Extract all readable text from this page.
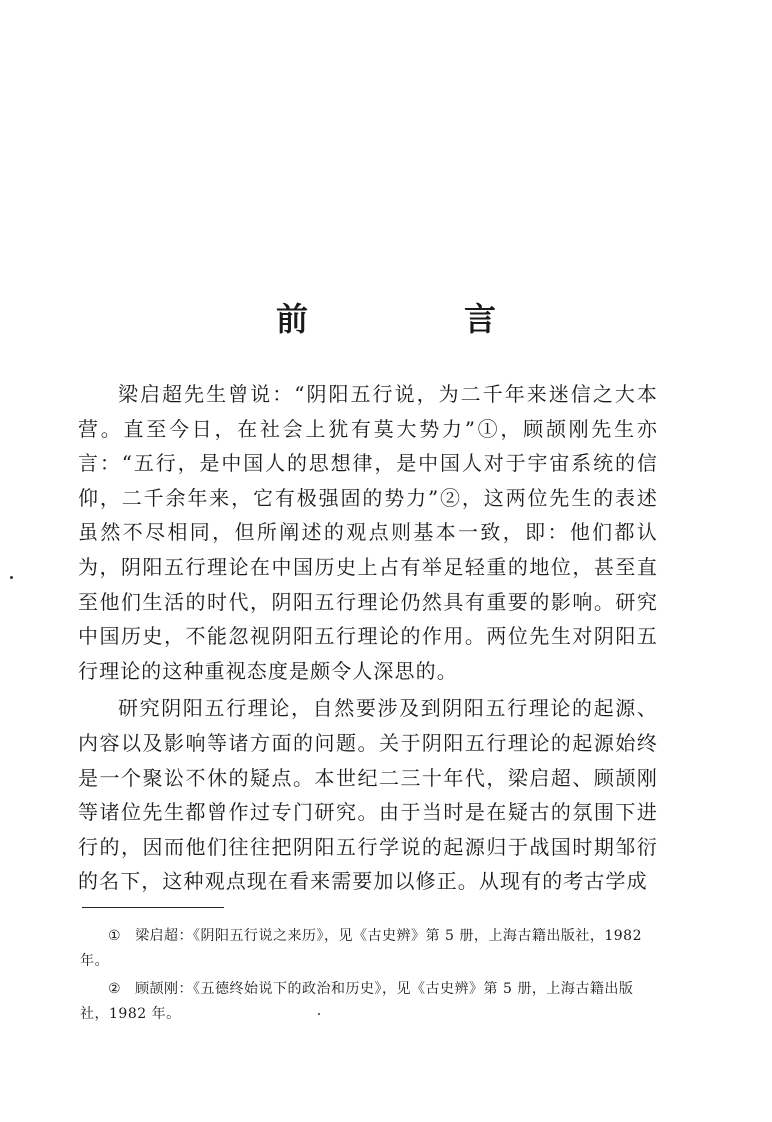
前　言

梁启超先生曾说：“阴阳五行说，为二千年来迷信之大本营。直至今日，在社会上犹有莫大势力”①，顾颉刚先生亦言：“五行，是中国人的思想律，是中国人对于宇宙系统的信仰，二千余年来，它有极强固的势力”②，这两位先生的表述虽然不尽相同，但所阐述的观点则基本一致，即：他们都认为，阴阳五行理论在中国历史上占有举足轻重的地位，甚至直至他们生活的时代，阴阳五行理论仍然具有重要的影响。研究中国历史，不能忽视阴阳五行理论的作用。两位先生对阴阳五行理论的这种重视态度是颇令人深思的。

研究阴阳五行理论，自然要涉及到阴阳五行理论的起源、内容以及影响等诸方面的问题。关于阴阳五行理论的起源始终是一个聚讼不休的疑点。本世纪二三十年代，梁启超、顾颉刚等诸位先生都曾作过专门研究。由于当时是在疑古的氛围下进行的，因而他们往往把阴阳五行学说的起源归于战国时期邹衍的名下，这种观点现在看来需要加以修正。从现有的考古学成

① 梁启超：《阴阳五行说之来历》，见《古史辨》第 5 册，上海古籍出版社，1982 年。

② 顾颉刚：《五德终始说下的政治和历史》，见《古史辨》第 5 册，上海古籍出版社，1982 年。
